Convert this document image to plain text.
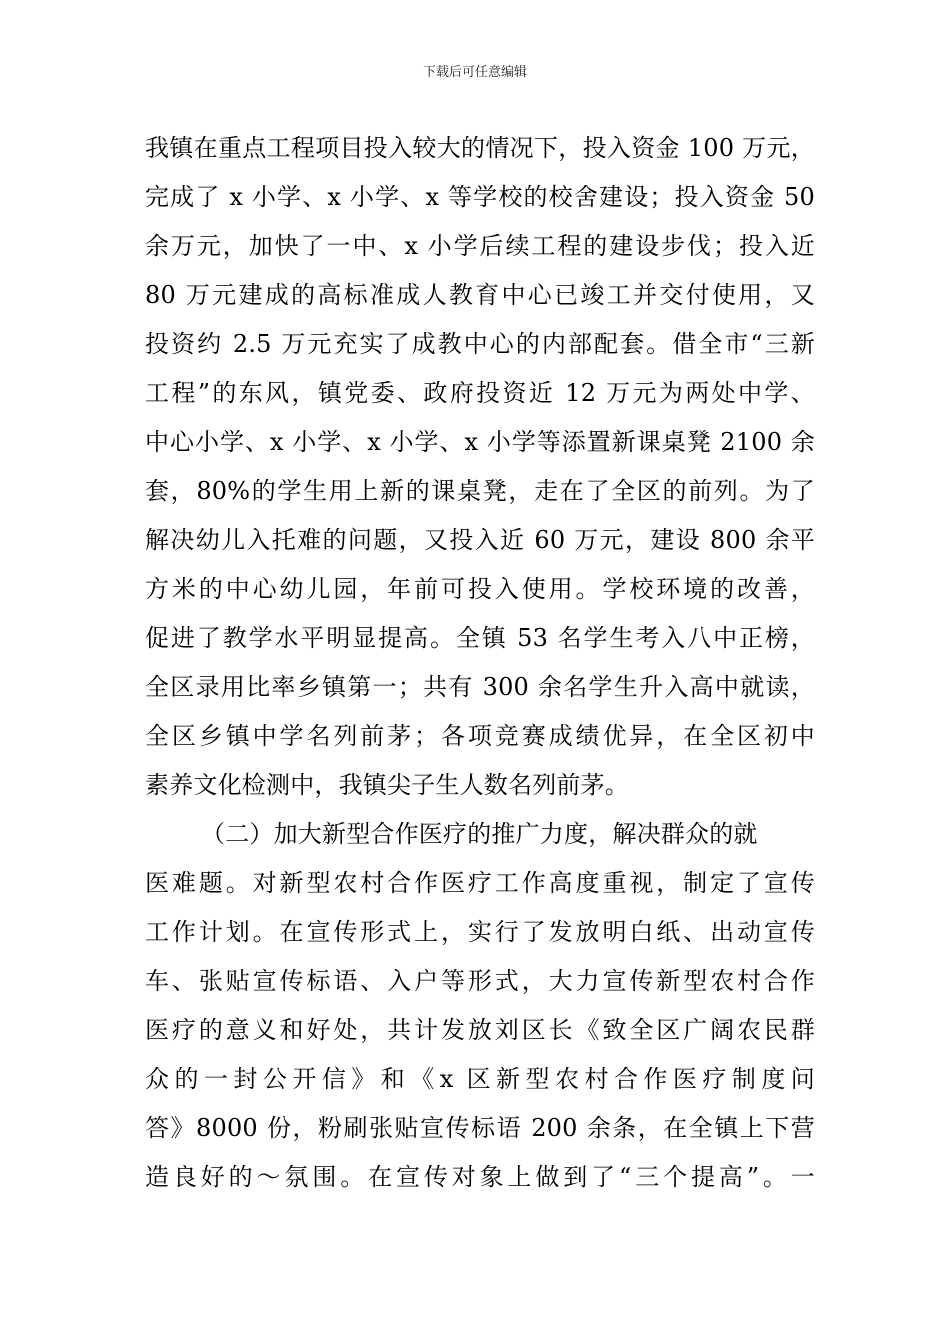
下载后可任意编辑
我镇在重点工程项目投入较大的情况下，投入资金 100 万元，
完成了 x 小学、x 小学、x 等学校的校舍建设；投入资金 50
余万元，加快了一中、x 小学后续工程的建设步伐；投入近
80 万元建成的高标准成人教育中心已竣工并交付使用，又
投资约 2.5 万元充实了成教中心的内部配套。借全市“三新
工程”的东风，镇党委、政府投资近 12 万元为两处中学、
中心小学、x 小学、x 小学、x 小学等添置新课桌凳 2100 余
套，80%的学生用上新的课桌凳，走在了全区的前列。为了
解决幼儿入托难的问题，又投入近 60 万元，建设 800 余平
方米的中心幼儿园，年前可投入使用。学校环境的改善，
促进了教学水平明显提高。全镇 53 名学生考入八中正榜，
全区录用比率乡镇第一；共有 300 余名学生升入高中就读，
全区乡镇中学名列前茅；各项竞赛成绩优异，在全区初中
素养文化检测中，我镇尖子生人数名列前茅。
（二）加大新型合作医疗的推广力度，解决群众的就
医难题。对新型农村合作医疗工作高度重视，制定了宣传
工作计划。在宣传形式上，实行了发放明白纸、出动宣传
车、张贴宣传标语、入户等形式，大力宣传新型农村合作
医疗的意义和好处，共计发放刘区长《致全区广阔农民群
众的一封公开信》和《x 区新型农村合作医疗制度问
答》8000 份，粉刷张贴宣传标语 200 余条，在全镇上下营
造良好的～氛围。在宣传对象上做到了“三个提高”。一
